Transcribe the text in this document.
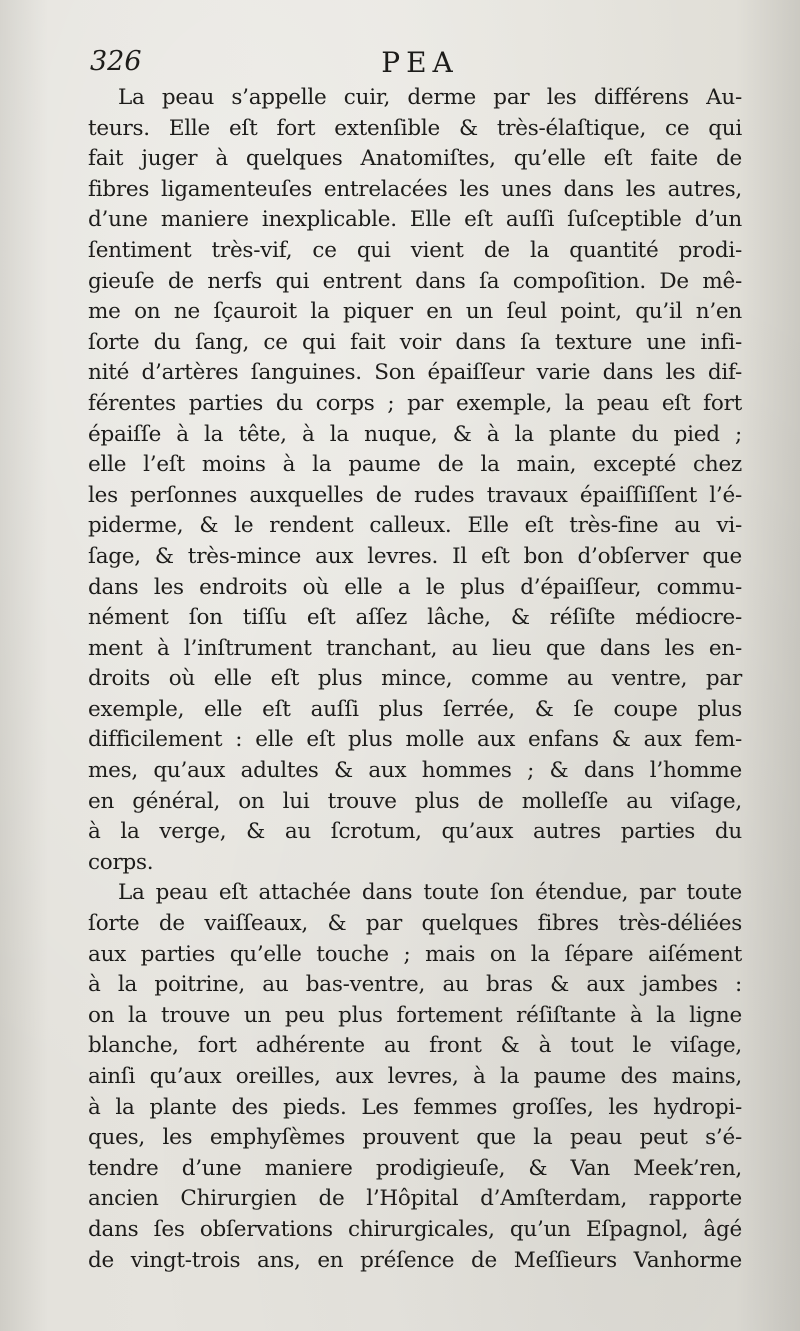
326	PEA
La peau s’appelle cuir, derme par les différens Au-
teurs. Elle eſt fort extenſible & très-élaſtique, ce qui
fait juger à quelques Anatomiſtes, qu’elle eſt faite de
fibres ligamenteuſes entrelacées les unes dans les autres,
d’une maniere inexplicable. Elle eſt auſſi ſuſceptible d’un
ſentiment très-vif, ce qui vient de la quantité prodi-
gieuſe de nerfs qui entrent dans ſa compoſition. De mê-
me on ne ſçauroit la piquer en un ſeul point, qu’il n’en
ſorte du ſang, ce qui fait voir dans ſa texture une infi-
nité d’artères ſanguines. Son épaiſſeur varie dans les dif-
férentes parties du corps ; par exemple, la peau eſt fort
épaiſſe à la tête, à la nuque, & à la plante du pied ;
elle l’eſt moins à la paume de la main, excepté chez
les perſonnes auxquelles de rudes travaux épaiſſiſſent l’é-
piderme, & le rendent calleux. Elle eſt très-fine au vi-
ſage, & très-mince aux levres. Il eſt bon d’obſerver que
dans les endroits où elle a le plus d’épaiſſeur, commu-
nément ſon tiſſu eſt aſſez lâche, & réſiſte médiocre-
ment à l’inſtrument tranchant, au lieu que dans les en-
droits où elle eſt plus mince, comme au ventre, par
exemple, elle eſt auſſi plus ſerrée, & ſe coupe plus
difficilement : elle eſt plus molle aux enfans & aux fem-
mes, qu’aux adultes & aux hommes ; & dans l’homme
en général, on lui trouve plus de molleſſe au viſage,
à la verge, & au ſcrotum, qu’aux autres parties du
corps.
La peau eſt attachée dans toute ſon étendue, par toute
ſorte de vaiſſeaux, & par quelques fibres très-déliées
aux parties qu’elle touche ; mais on la ſépare aiſément
à la poitrine, au bas-ventre, au bras & aux jambes :
on la trouve un peu plus fortement réſiſtante à la ligne
blanche, fort adhérente au front & à tout le viſage,
ainſi qu’aux oreilles, aux levres, à la paume des mains,
à la plante des pieds. Les femmes groſſes, les hydropi-
ques, les emphyſèmes prouvent que la peau peut s’é-
tendre d’une maniere prodigieuſe, & Van Meek’ren,
ancien Chirurgien de l’Hôpital d’Amſterdam, rapporte
dans ſes obſervations chirurgicales, qu’un Eſpagnol, âgé
de vingt-trois ans, en préſence de Meſſieurs Vanhorme
